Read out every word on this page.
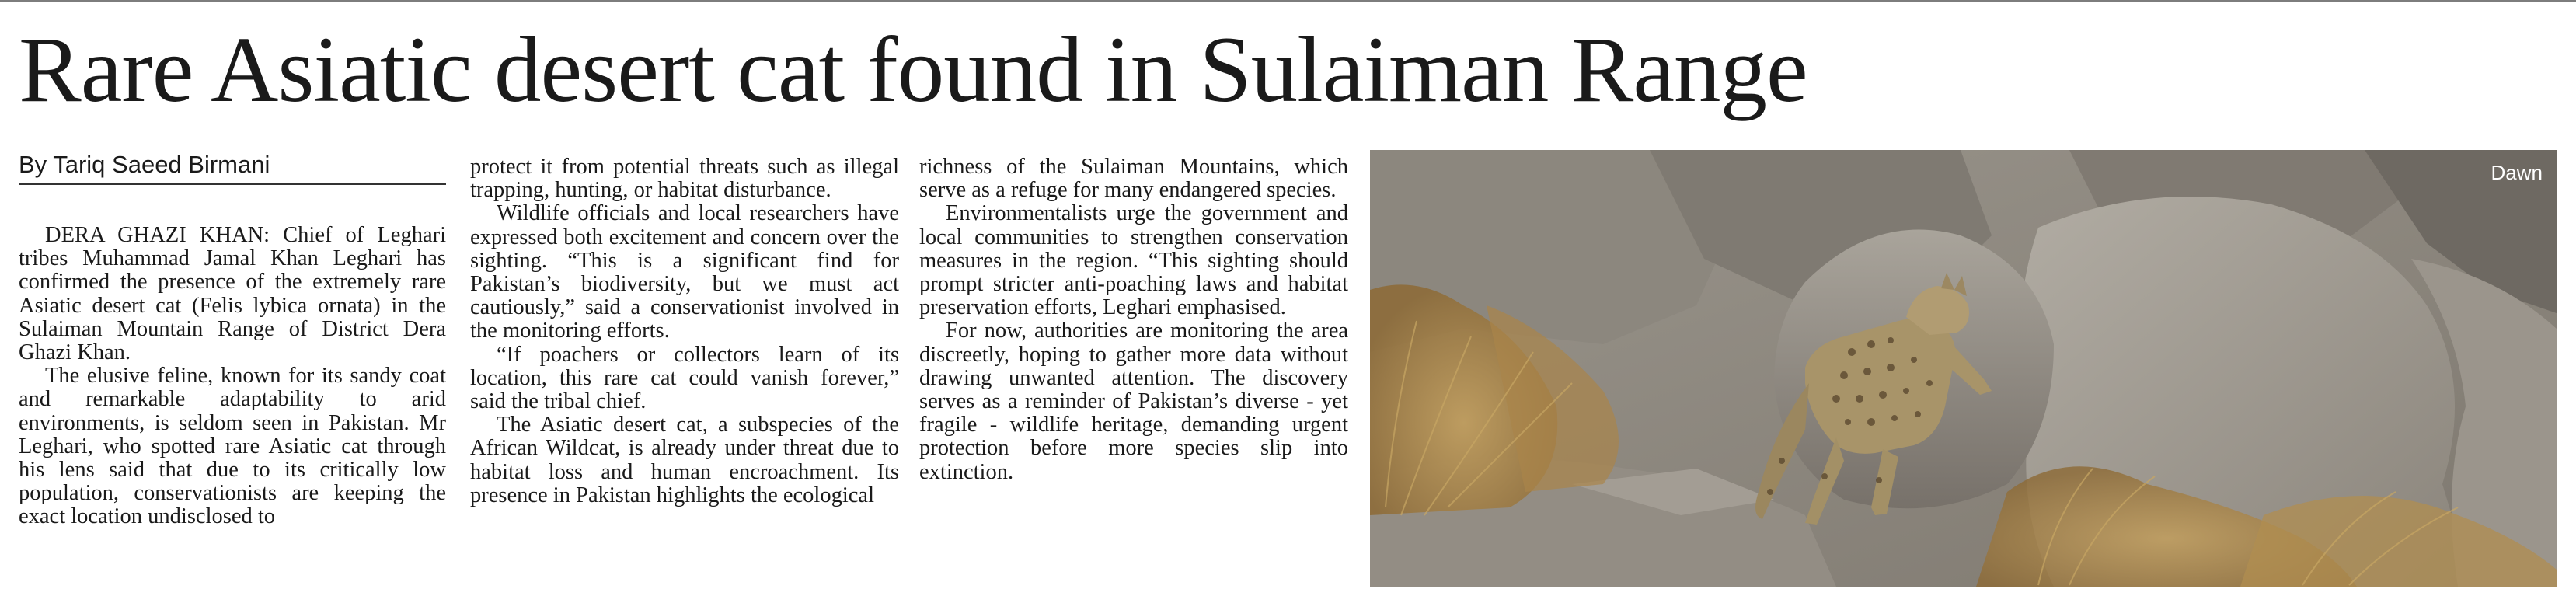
Rare Asiatic desert cat found in Sulaiman Range
By Tariq Saeed Birmani

DERA GHAZI KHAN: Chief of Leghari tribes Muhammad Jamal Khan Leghari has confirmed the presence of the extremely rare Asiatic desert cat (Felis lybica ornata) in the Sulaiman Mountain Range of District Dera Ghazi Khan.

The elusive feline, known for its sandy coat and remarkable adaptability to arid environments, is seldom seen in Pakistan. Mr Leghari, who spotted rare Asiatic cat through his lens said that due to its critically low population, conservationists are keeping the exact location undisclosed to

protect it from potential threats such as illegal trapping, hunting, or habitat disturbance.

Wildlife officials and local researchers have expressed both excitement and concern over the sighting. “This is a significant find for Pakistan’s biodiversity, but we must act cautiously,” said a conservationist involved in the monitoring efforts.

“If poachers or collectors learn of its location, this rare cat could vanish forever,” said the tribal chief.

The Asiatic desert cat, a subspecies of the African Wildcat, is already under threat due to habitat loss and human encroachment. Its presence in Pakistan highlights the ecological

richness of the Sulaiman Mountains, which serve as a refuge for many endangered species.

Environmentalists urge the government and local communities to strengthen conservation measures in the region. “This sighting should prompt stricter anti-poaching laws and habitat preservation efforts, Leghari emphasised.

For now, authorities are monitoring the area discreetly, hoping to gather more data without drawing unwanted attention. The discovery serves as a reminder of Pakistan’s diverse - yet fragile - wildlife heritage, demanding urgent protection before more species slip into extinction.

Dawn
